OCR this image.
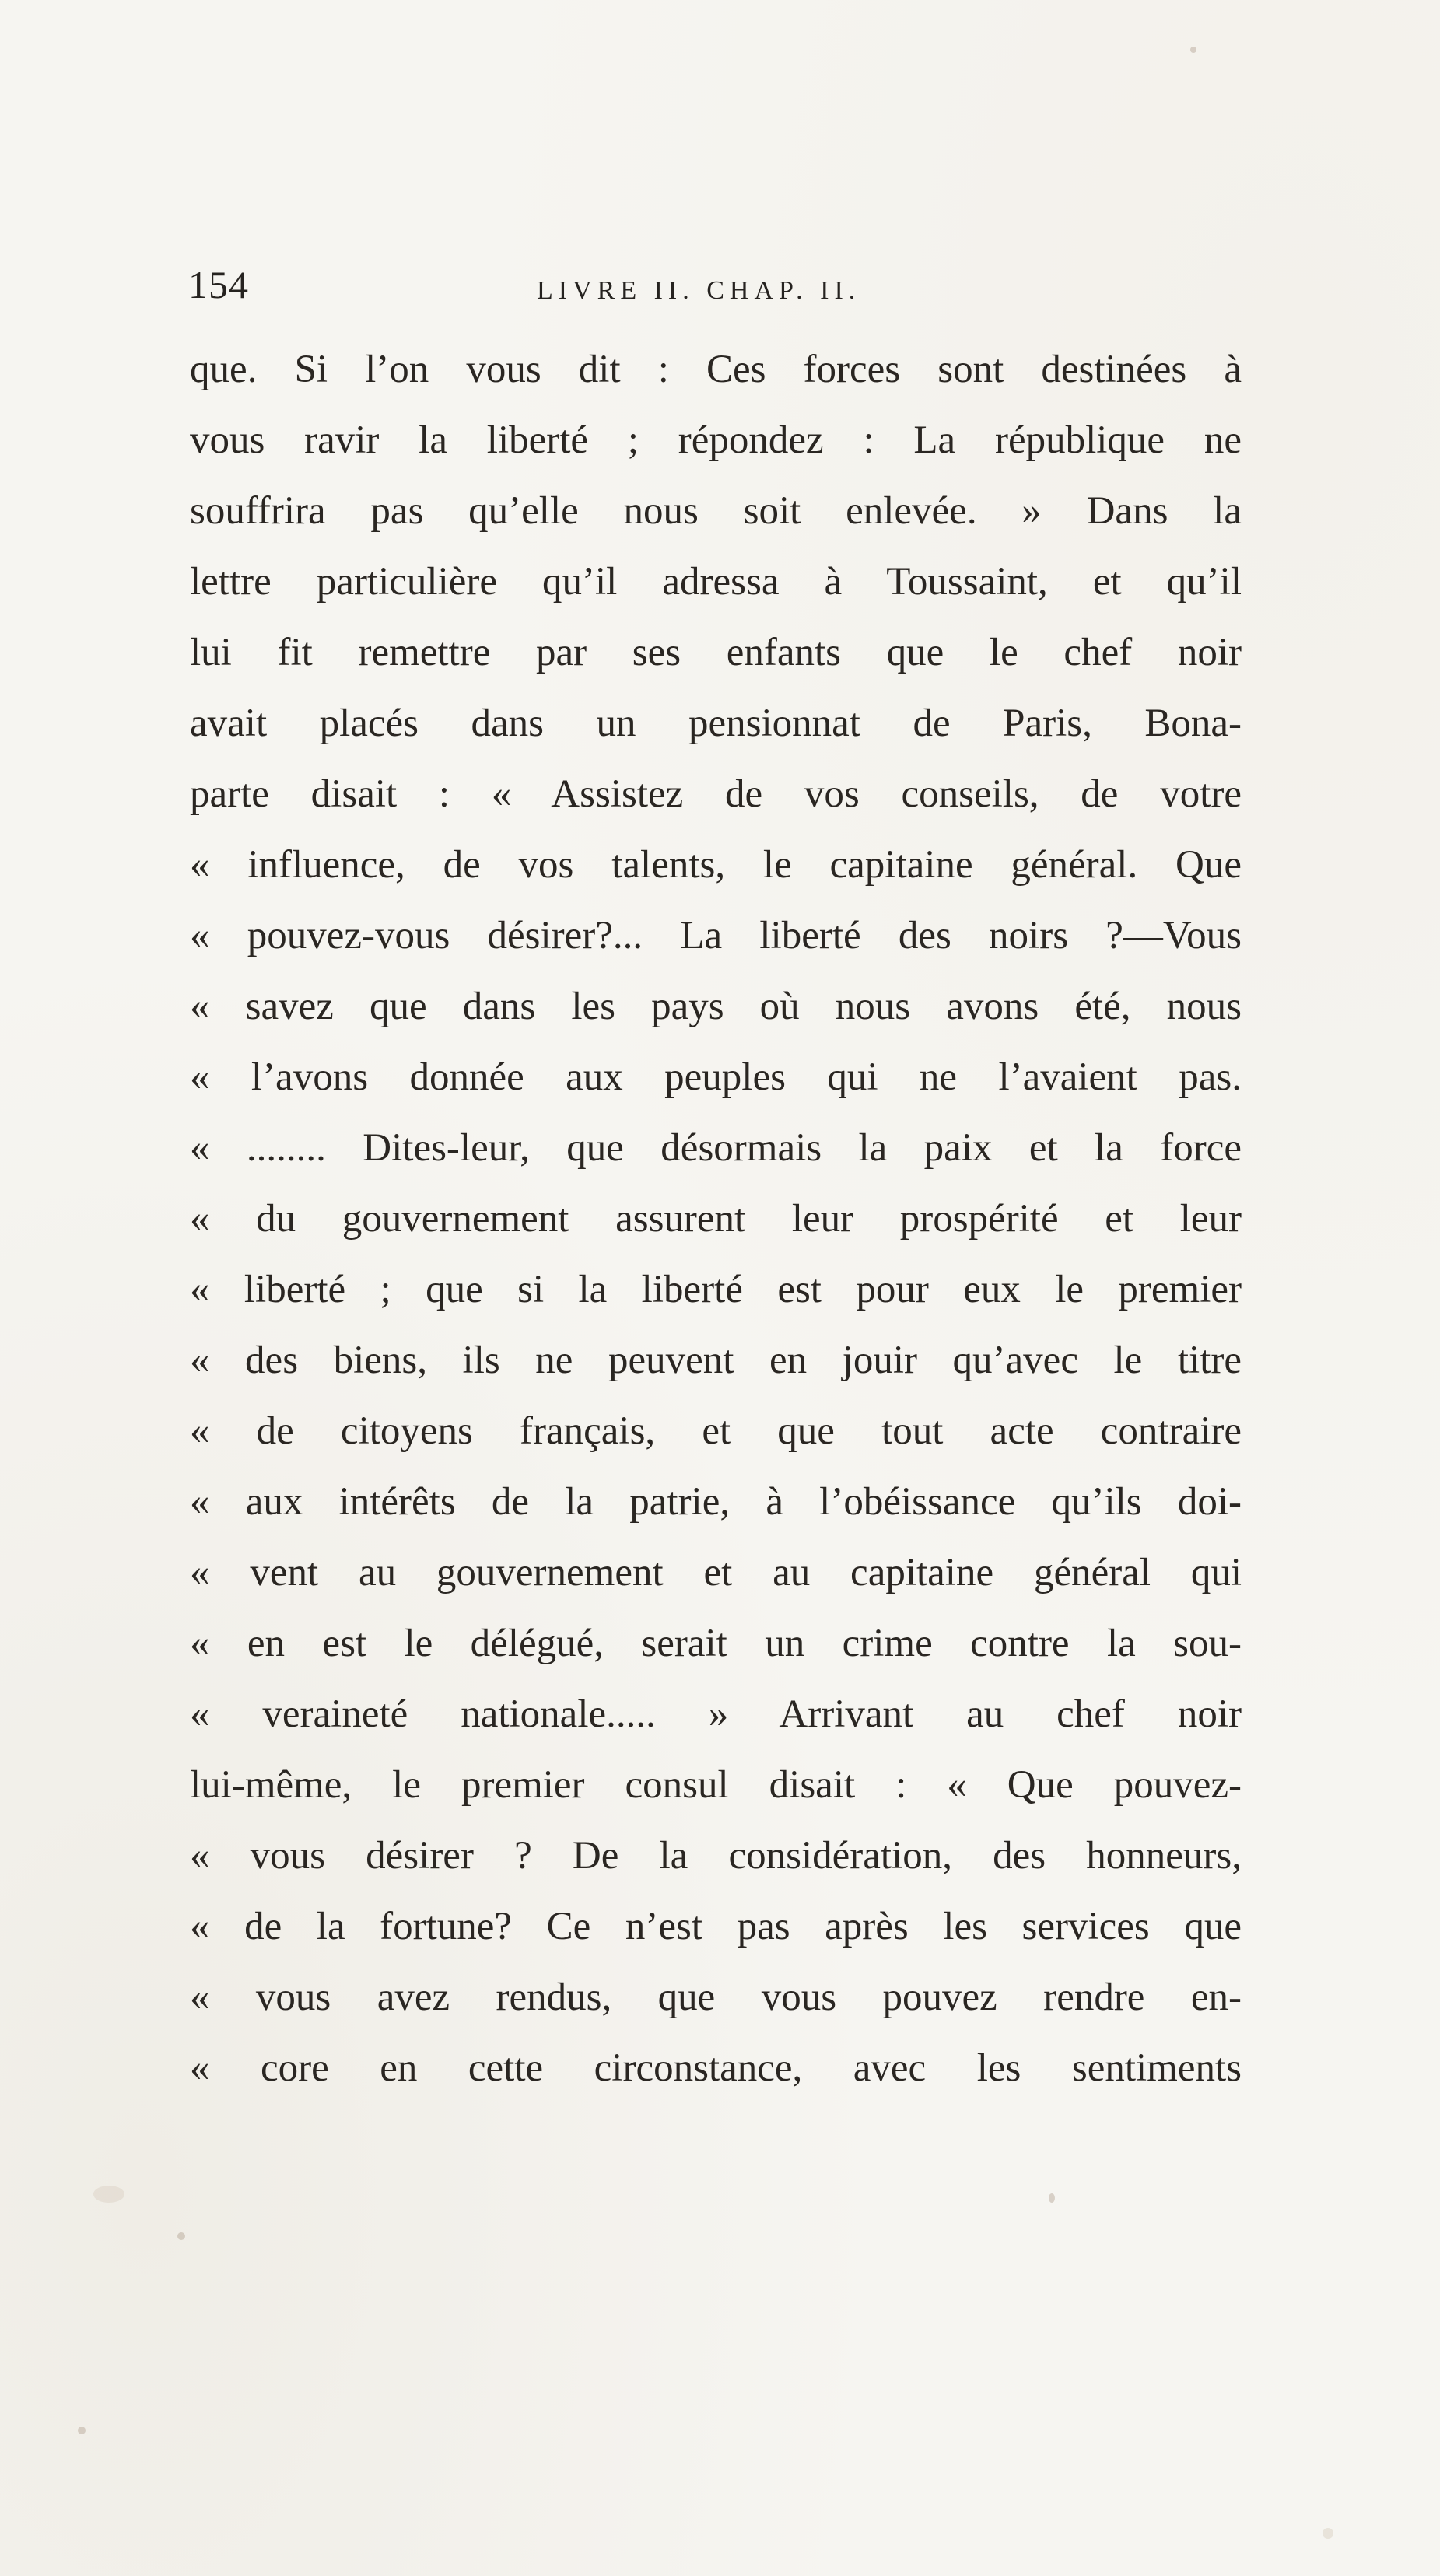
154	LIVRE II. CHAP. II.
que. Si l’on vous dit : Ces forces sont destinées à
vous ravir la liberté ; répondez : La république ne
souffrira pas qu’elle nous soit enlevée. » Dans la
lettre particulière qu’il adressa à Toussaint, et qu’il
lui fit remettre par ses enfants que le chef noir
avait placés dans un pensionnat de Paris, Bona-
parte disait : « Assistez de vos conseils, de votre
« influence, de vos talents, le capitaine général. Que
« pouvez-vous désirer?... La liberté des noirs ?—Vous
« savez que dans les pays où nous avons été, nous
« l’avons donnée aux peuples qui ne l’avaient pas.
« ........ Dites-leur, que désormais la paix et la force
« du gouvernement assurent leur prospérité et leur
« liberté ; que si la liberté est pour eux le premier
« des biens, ils ne peuvent en jouir qu’avec le titre
« de citoyens français, et que tout acte contraire
« aux intérêts de la patrie, à l’obéissance qu’ils doi-
« vent au gouvernement et au capitaine général qui
« en est le délégué, serait un crime contre la sou-
« veraineté nationale..... » Arrivant au chef noir
lui-même, le premier consul disait : « Que pouvez-
« vous désirer ? De la considération, des honneurs,
« de la fortune? Ce n’est pas après les services que
« vous avez rendus, que vous pouvez rendre en-
« core en cette circonstance, avec les sentiments
